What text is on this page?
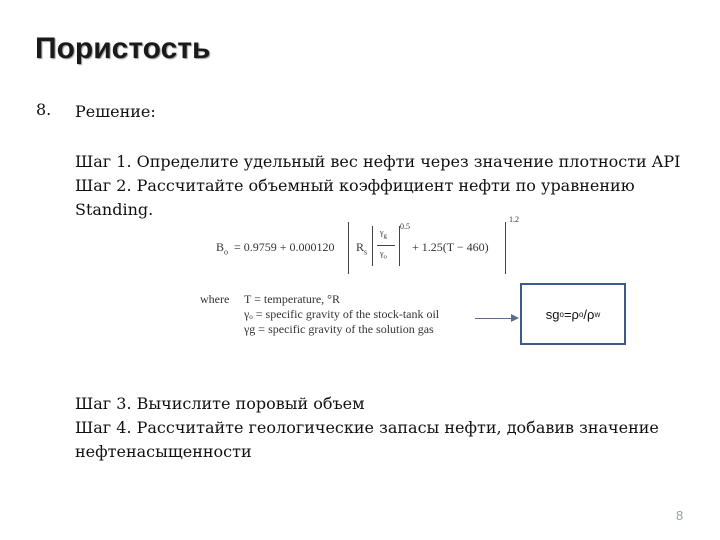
Пористость
8. Решение:
Шаг 1. Определите удельный вес нефти через значение плотности API
Шаг 2. Рассчитайте объемный коэффициент нефти по уравнению
Standing.
$B_o = 0.9759 + 0.000120$ $R_s$
$\gamma_g$
$\gamma_o$
0.5
+ 1.25(T − 460)
1.2
where T = temperature, °R
γₒ = specific gravity of the stock-tank oil
γg = specific gravity of the solution gas
sg o =ρ o /ρ w
Шаг 3. Вычислите поровый объем
Шаг 4. Рассчитайте геологические запасы нефти, добавив значение
нефтенасыщенности
8
